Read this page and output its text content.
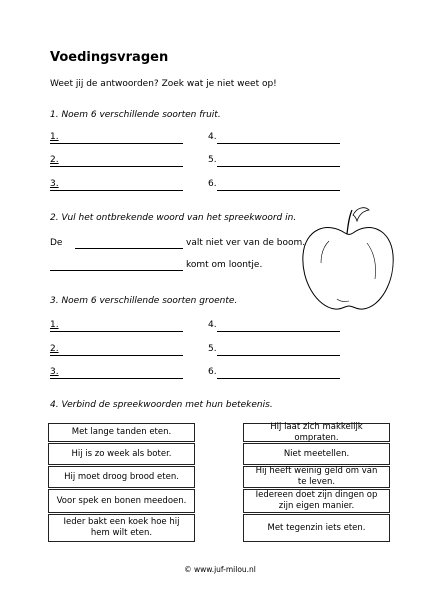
Voedingsvragen
Weet jij de antwoorden? Zoek wat je niet weet op!
1. Noem 6 verschillende soorten fruit.
1.	4.
2.	5.
3.	6.
2. Vul het ontbrekende woord van het spreekwoord in.
De	valt niet ver van de boom.
komt om loontje.
3. Noem 6 verschillende soorten groente.
1.	4.
2.	5.
3.	6.
4. Verbind de spreekwoorden met hun betekenis.
Met lange tanden eten.
Hij is zo week als boter.
Hij moet droog brood eten.
Voor spek en bonen meedoen.
Ieder bakt een koek hoe hij hem wilt eten.
Hij laat zich makkelijk ompraten.
Niet meetellen.
Hij heeft weinig geld om van te leven.
Iedereen doet zijn dingen op zijn eigen manier.
Met tegenzin iets eten.
© www.juf-milou.nl
